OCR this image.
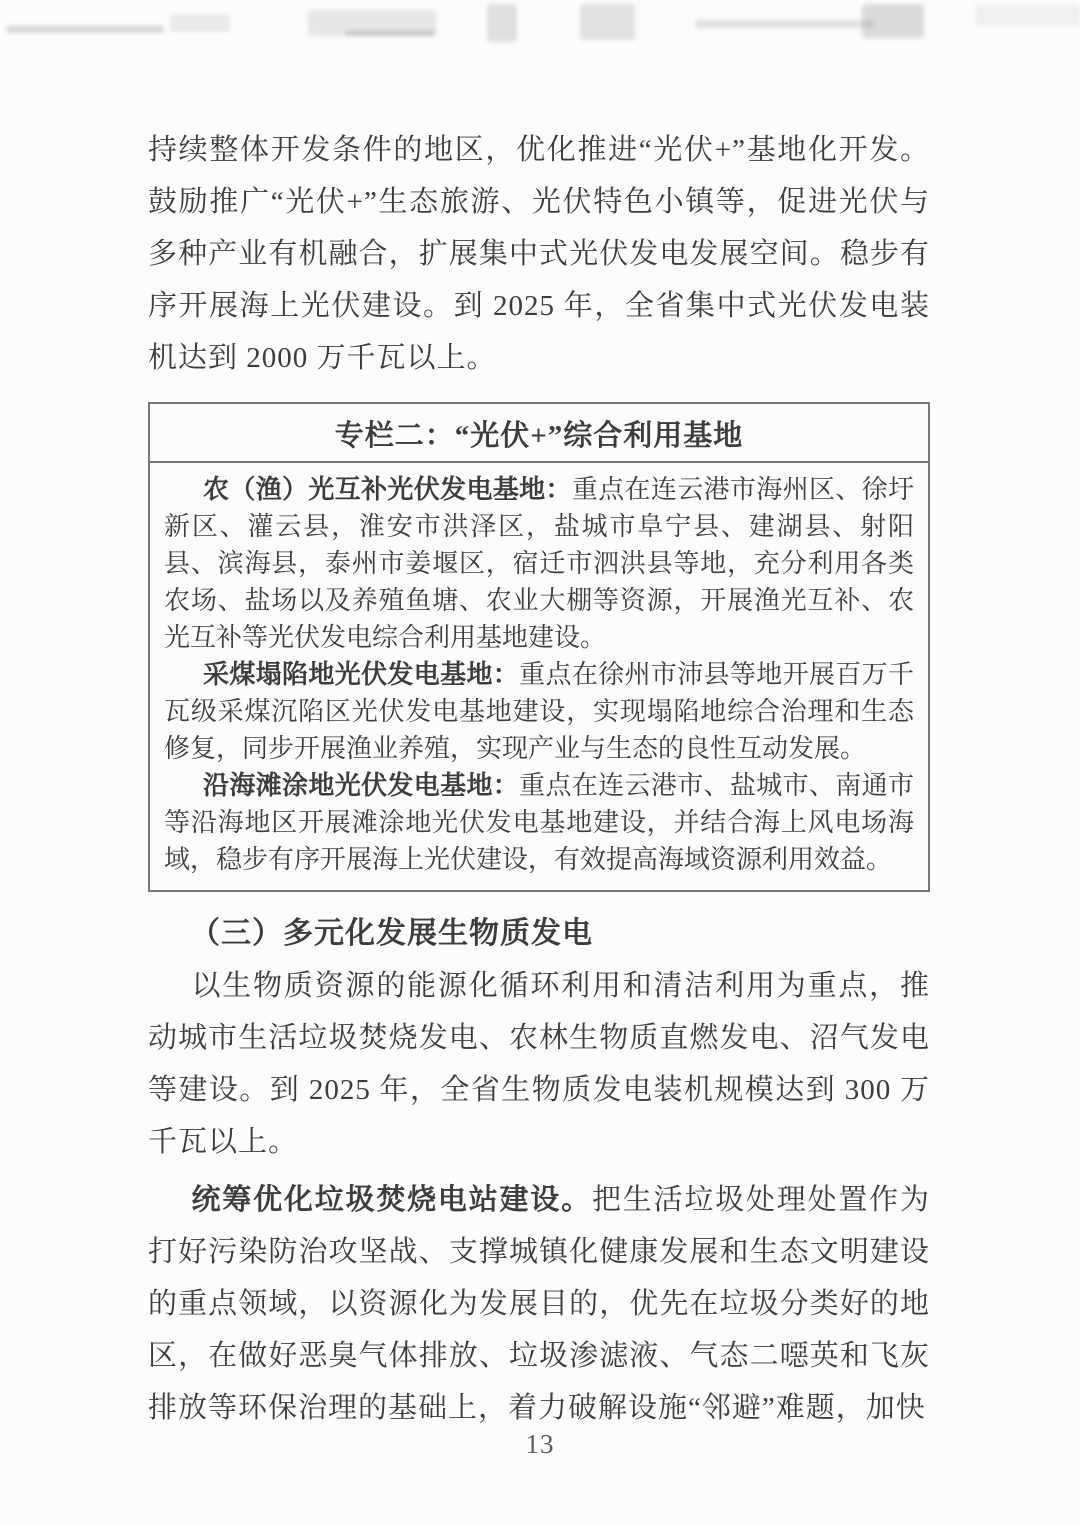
持续整体开发条件的地区，优化推进“光伏+”基地化开发。鼓励推广“光伏+”生态旅游、光伏特色小镇等，促进光伏与多种产业有机融合，扩展集中式光伏发电发展空间。稳步有序开展海上光伏建设。到 2025 年，全省集中式光伏发电装机达到 2000 万千瓦以上。

专栏二：“光伏+”综合利用基地

农（渔）光互补光伏发电基地：重点在连云港市海州区、徐圩新区、灌云县，淮安市洪泽区，盐城市阜宁县、建湖县、射阳县、滨海县，泰州市姜堰区，宿迁市泗洪县等地，充分利用各类农场、盐场以及养殖鱼塘、农业大棚等资源，开展渔光互补、农光互补等光伏发电综合利用基地建设。

采煤塌陷地光伏发电基地：重点在徐州市沛县等地开展百万千瓦级采煤沉陷区光伏发电基地建设，实现塌陷地综合治理和生态修复，同步开展渔业养殖，实现产业与生态的良性互动发展。

沿海滩涂地光伏发电基地：重点在连云港市、盐城市、南通市等沿海地区开展滩涂地光伏发电基地建设，并结合海上风电场海域，稳步有序开展海上光伏建设，有效提高海域资源利用效益。

（三）多元化发展生物质发电

以生物质资源的能源化循环利用和清洁利用为重点，推动城市生活垃圾焚烧发电、农林生物质直燃发电、沼气发电等建设。到 2025 年，全省生物质发电装机规模达到 300 万千瓦以上。

统筹优化垃圾焚烧电站建设。把生活垃圾处理处置作为打好污染防治攻坚战、支撑城镇化健康发展和生态文明建设的重点领域，以资源化为发展目的，优先在垃圾分类好的地区，在做好恶臭气体排放、垃圾渗滤液、气态二噁英和飞灰排放等环保治理的基础上，着力破解设施“邻避”难题，加快

13
